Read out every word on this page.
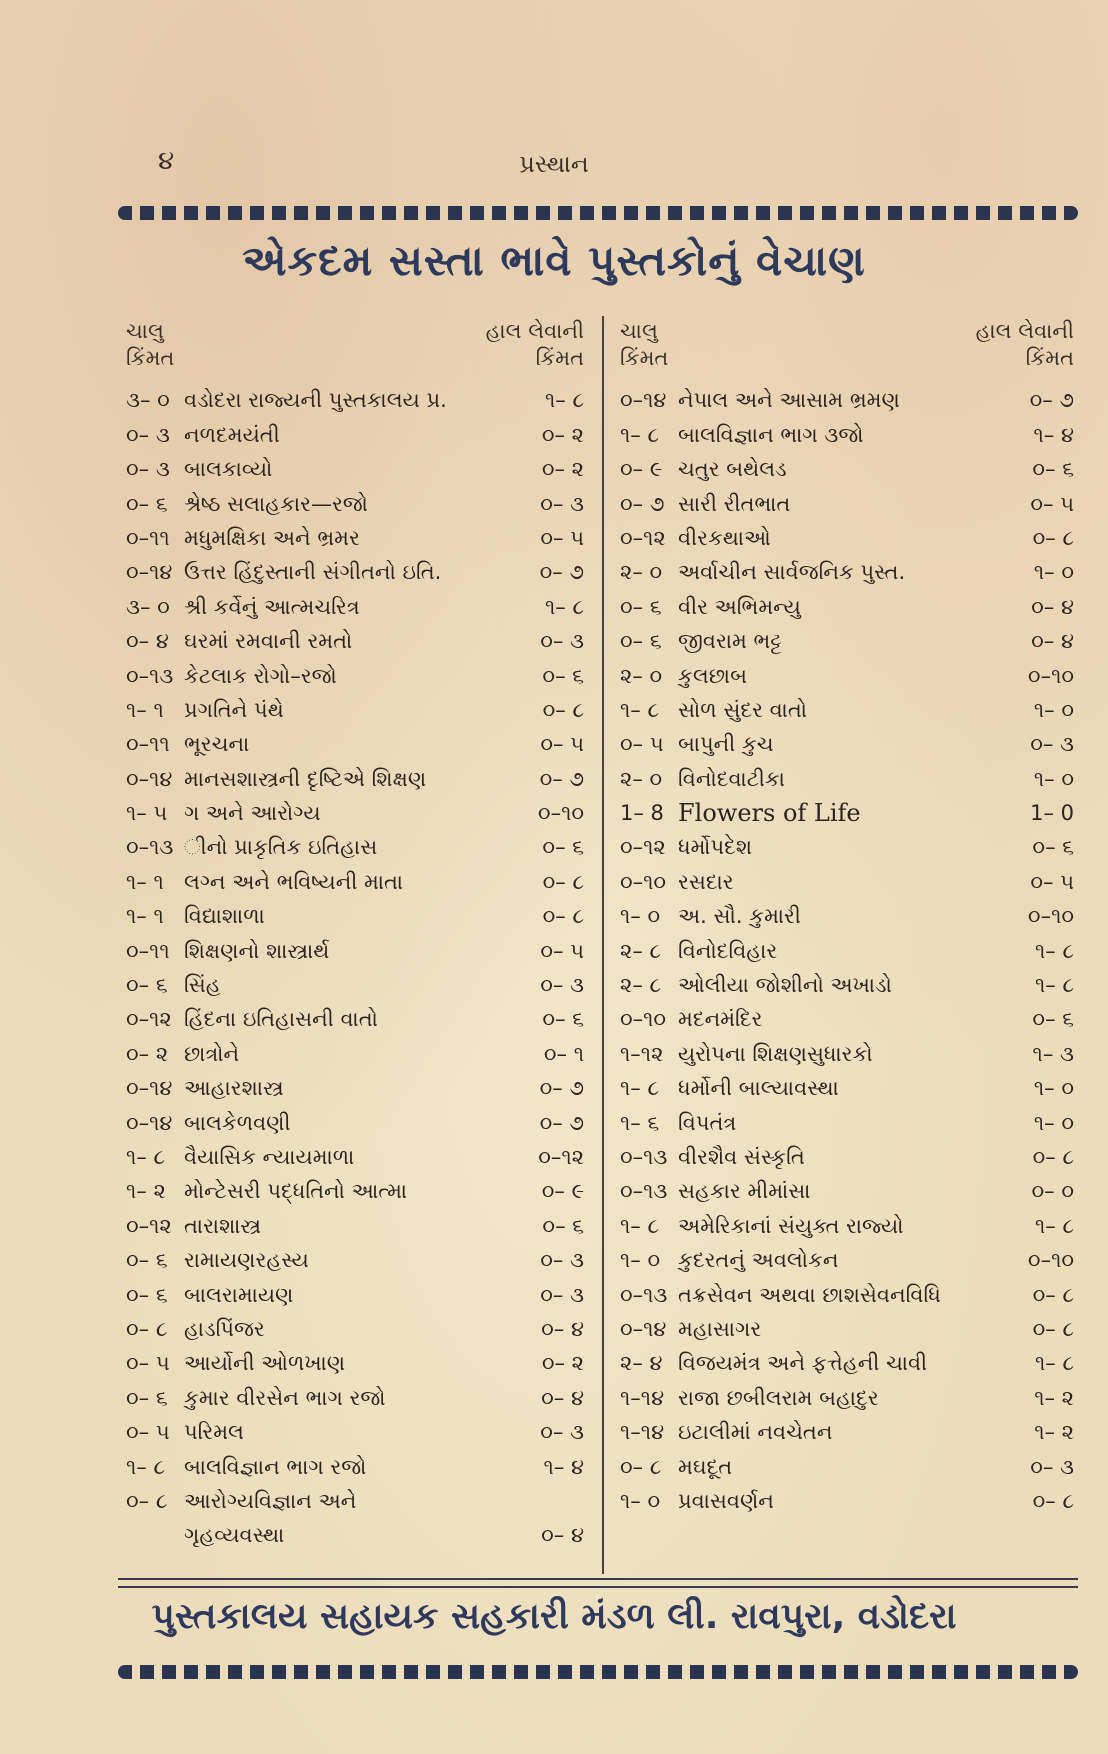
૪	પ્રસ્થાન
એકદમ સસ્તા ભાવે પુસ્તકોનું વેચાણ
ચાલુ
કિંમત
હાલ લેવાની
કિંમત
૩– ૦ વડોદરા રાજ્યની પુસ્તકાલય પ્ર.	૧– ૮
૦– ૩ નળદમયંતી	૦– ૨
૦– ૩ બાલકાવ્યો	૦– ૨
૦– ૬ શ્રેષ્ઠ સલાહકાર—રજો	૦– ૩
૦–૧૧ મધુમક્ષિકા અને ભ્રમર	૦– ૫
૦–૧૪ ઉત્તર હિંદુસ્તાની સંગીતનો ઇતિ.	૦– ૭
૩– ૦ શ્રી કર્વેનું આત્મચરિત્ર	૧– ૮
૦– ૪ ઘરમાં રમવાની રમતો	૦– ૩
૦–૧૩ કેટલાક રોગો–રજો	૦– ૬
૧– ૧ પ્રગતિને પંથે	૦– ૮
૦–૧૧ ભૂરચના	૦– ૫
૦–૧૪ માનસશાસ્ત્રની દૃષ્ટિએ શિક્ષણ	૦– ૭
૧– ૫ ગ અને આરોગ્ય	૦–૧૦
૦–૧૩ ીનો પ્રાકૃતિક ઇતિહાસ	૦– ૬
૧– ૧ લગ્ન અને ભવિષ્યની માતા	૦– ૮
૧– ૧ વિદ્યાશાળા	૦– ૮
૦–૧૧ શિક્ષણનો શાસ્ત્રાર્થ	૦– ૫
૦– ૬ સિંહ	૦– ૩
૦–૧૨ હિંદના ઇતિહાસની વાતો	૦– ૬
૦– ૨ છાત્રોને	૦– ૧
૦–૧૪ આહારશાસ્ત્ર	૦– ૭
૦–૧૪ બાલકેળવણી	૦– ૭
૧– ૮ વૈયાસિક ન્યાયમાળા	૦–૧૨
૧– ૨ મોન્ટેસરી પદ્ધતિનો આત્મા	૦– ૯
૦–૧૨ તારાશાસ્ત્ર	૦– ૬
૦– ૬ રામાયણરહસ્ય	૦– ૩
૦– ૬ બાલરામાયણ	૦– ૩
૦– ૮ હાડપિંજર	૦– ૪
૦– ૫ આર્યોની ઓળખાણ	૦– ૨
૦– ૬ કુમાર વીરસેન ભાગ રજો	૦– ૪
૦– ૫ પરિમલ	૦– ૩
૧– ૮ બાલવિજ્ઞાન ભાગ રજો	૧– ૪
૦– ૮ આરોગ્યવિજ્ઞાન અને
ગૃહવ્યવસ્થા	૦– ૪
ચાલુ
કિંમત
હાલ લેવાની
કિંમત
૦–૧૪ નેપાલ અને આસામ ભ્રમણ	૦– ૭
૧– ૮ બાલવિજ્ઞાન ભાગ ૩જો	૧– ૪
૦– ૯ ચતુર બથેલડ	૦– ૬
૦– ૭ સારી રીતભાત	૦– ૫
૦–૧૨ વીરકથાઓ	૦– ૮
૨– ૦ અર્વાચીન સાર્વજનિક પુસ્ત.	૧– ૦
૦– ૬ વીર અભિમન્યુ	૦– ૪
૦– ૬ જીવરામ ભટ્ટ	૦– ૪
૨– ૦ કુલછાબ	૦–૧૦
૧– ૮ સોળ સુંદર વાતો	૧– ૦
૦– ૫ બાપુની કુચ	૦– ૩
૨– ૦ વિનોદવાટીકા	૧– ૦
1– 8 Flowers of Life	1– 0
૦–૧૨ ધર્મોપદેશ	૦– ૬
૦–૧૦ રસદાર	૦– ૫
૧– ૦ અ. સૌ. કુમારી	૦–૧૦
૨– ૮ વિનોદવિહાર	૧– ૮
૨– ૮ ઓલીયા જોશીનો અખાડો	૧– ૮
૦–૧૦ મદનમંદિર	૦– ૬
૧–૧૨ યુરોપના શિક્ષણસુધારકો	૧– ૩
૧– ૮ ધર્મોની બાલ્યાવસ્થા	૧– ૦
૧– ૬ વિપતંત્ર	૧– ૦
૦–૧૩ વીરશૈવ સંસ્કૃતિ	૦– ૮
૦–૧૩ સહકાર મીમાંસા	૦– ૦
૧– ૮ અમેરિકાનાં સંયુક્ત રાજ્યો	૧– ૮
૧– ૦ કુદરતનું અવલોકન	૦–૧૦
૦–૧૩ તક્રસેવન અથવા છાશસેવનવિધિ	૦– ૮
૦–૧૪ મહાસાગર	૦– ૮
૨– ૪ વિજયમંત્ર અને ફત્તેહની ચાવી	૧– ૮
૧–૧૪ રાજા છબીલરામ બહાદુર	૧– ૨
૧–૧૪ ઇટાલીમાં નવચેતન	૧– ૨
૦– ૮ મઘદૂત	૦– ૩
૧– ૦ પ્રવાસવર્ણન	૦– ૮
પુસ્તકાલય સહાયક સહકારી મંડળ લી. રાવપુરા, વડોદરા
